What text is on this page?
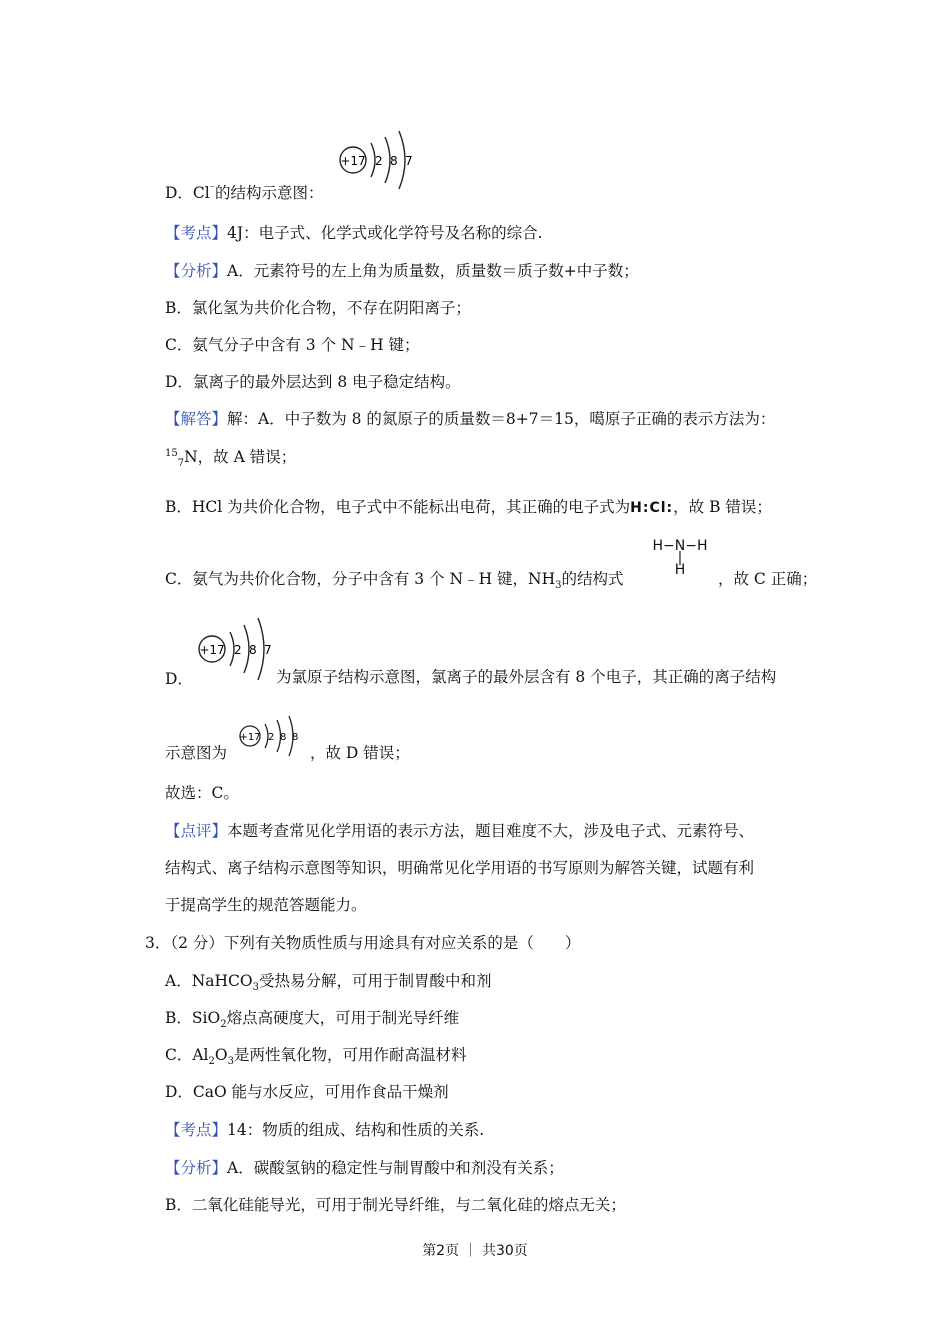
+17 2 8 7
D．Cl⁻的结构示意图：
【考点】4J：电子式、化学式或化学符号及名称的综合.
【分析】A．元素符号的左上角为质量数，质量数＝质子数+中子数；
B．氯化氢为共价化合物，不存在阴阳离子；
C．氨气分子中含有 3 个 N﹣H 键；
D．氯离子的最外层达到 8 电子稳定结构。
【解答】解：A．中子数为 8 的氮原子的质量数＝8+7＝15，噶原子正确的表示方法为：
$^{15}_7$N，故 A 错误；
B．HCl 为共价化合物，电子式中不能标出电荷，其正确的电子式为H:Cl:，故 B 错误；
H−N−H
|
H
C．氨气为共价化合物，分子中含有 3 个 N﹣H 键，$NH_3$的结构式	，故 C 正确；
+17 2 8 7
D．	为氯原子结构示意图，氯离子的最外层含有 8 个电子，其正确的离子结构
示意图为
+17 2 8 8
，故 D 错误；
故选：C。
【点评】本题考查常见化学用语的表示方法，题目难度不大，涉及电子式、元素符号、
结构式、离子结构示意图等知识，明确常见化学用语的书写原则为解答关键，试题有利
于提高学生的规范答题能力。
3．（2 分）下列有关物质性质与用途具有对应关系的是（　　）
A．NaHCO$_3$受热易分解，可用于制胃酸中和剂
B．SiO$_2$熔点高硬度大，可用于制光导纤维
C．$Al_2O_3$是两性氧化物，可用作耐高温材料
D．CaO 能与水反应，可用作食品干燥剂
【考点】14：物质的组成、结构和性质的关系.
【分析】A．碳酸氢钠的稳定性与制胃酸中和剂没有关系；
B．二氧化硅能导光，可用于制光导纤维，与二氧化硅的熔点无关；
第2页 ｜ 共30页
